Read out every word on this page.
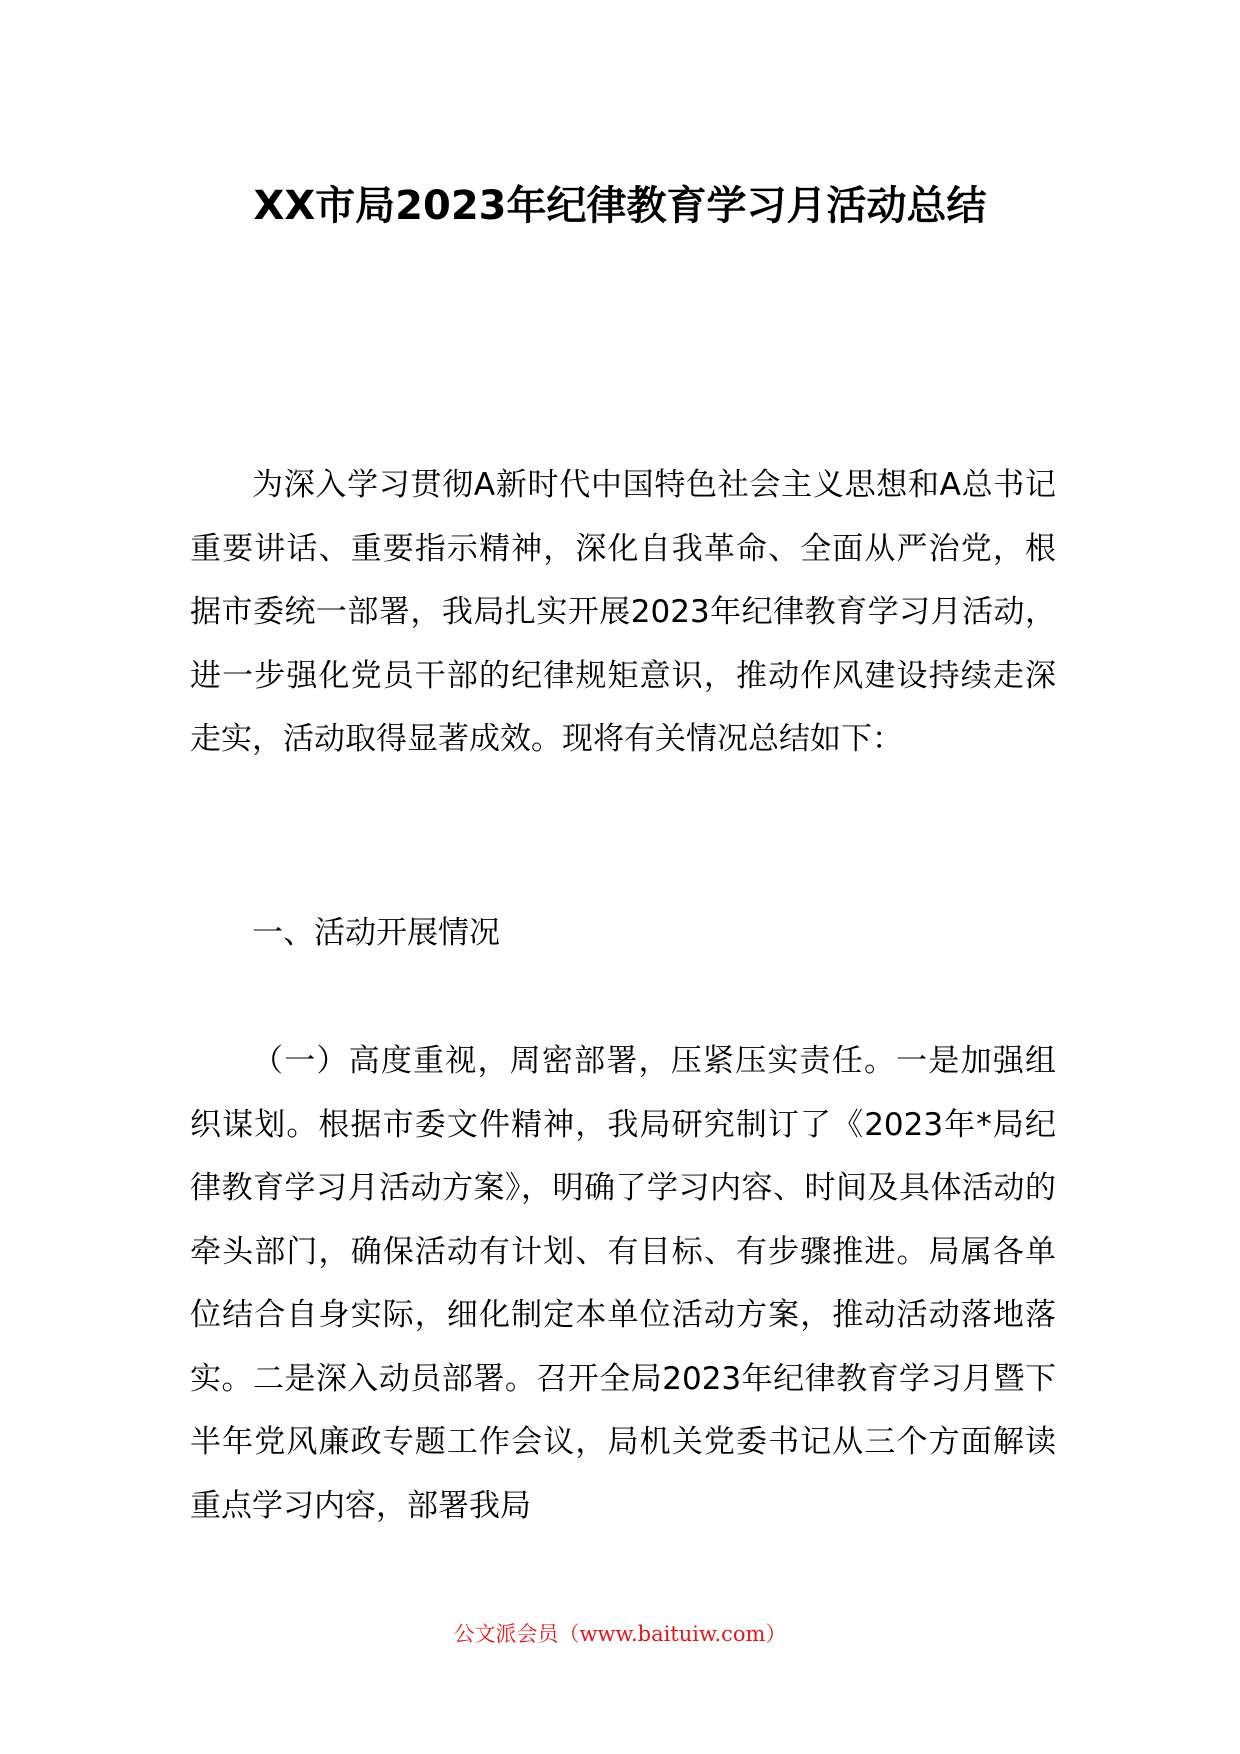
XX市局2023年纪律教育学习月活动总结

为深入学习贯彻A新时代中国特色社会主义思想和A总书记重要讲话、重要指示精神，深化自我革命、全面从严治党，根据市委统一部署，我局扎实开展2023年纪律教育学习月活动，进一步强化党员干部的纪律规矩意识，推动作风建设持续走深走实，活动取得显著成效。现将有关情况总结如下：

一、活动开展情况

（一）高度重视，周密部署，压紧压实责任。一是加强组织谋划。根据市委文件精神，我局研究制订了《2023年*局纪律教育学习月活动方案》，明确了学习内容、时间及具体活动的牵头部门，确保活动有计划、有目标、有步骤推进。局属各单位结合自身实际，细化制定本单位活动方案，推动活动落地落实。二是深入动员部署。召开全局2023年纪律教育学习月暨下半年党风廉政专题工作会议，局机关党委书记从三个方面解读重点学习内容，部署我局

公文派会员（www.baituiw.com）
